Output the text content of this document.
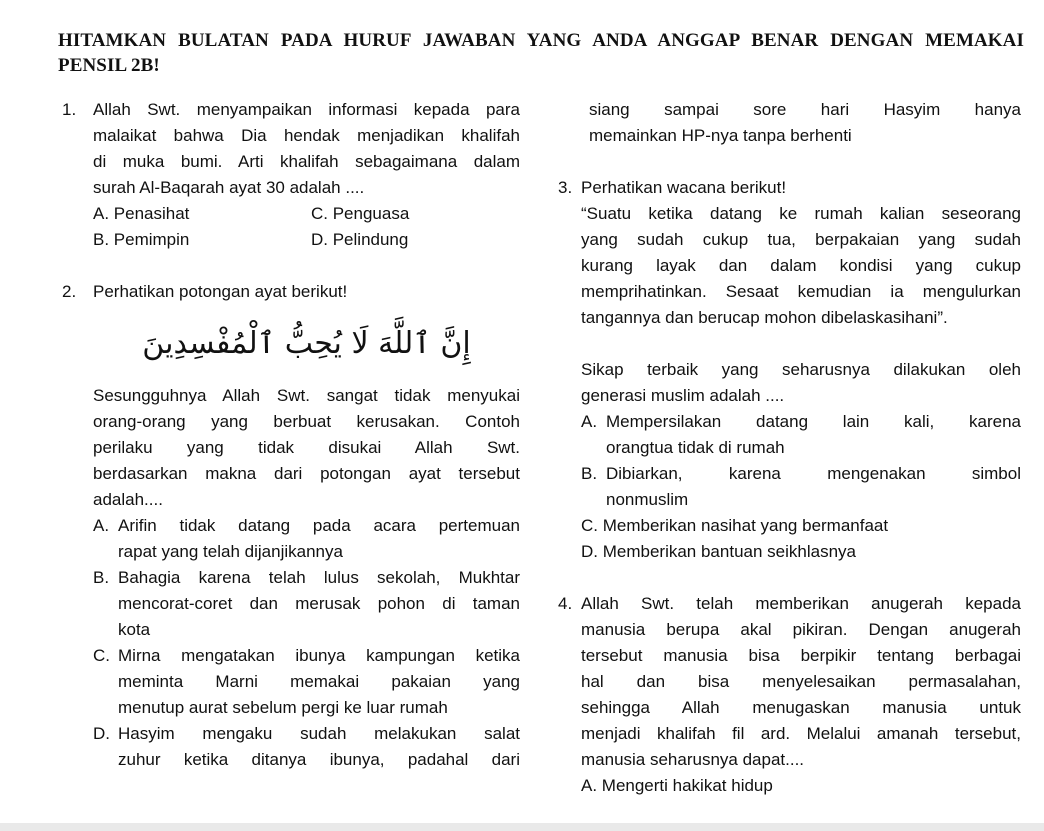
HITAMKAN BULATAN PADA HURUF JAWABAN YANG ANDA ANGGAP BENAR DENGAN MEMAKAI PENSIL 2B!
1. Allah Swt. menyampaikan informasi kepada para
malaikat bahwa Dia hendak menjadikan khalifah
di muka bumi. Arti khalifah sebagaimana dalam
surah Al-Baqarah ayat 30 adalah ....
A. Penasihat	C. Penguasa
B. Pemimpin	D. Pelindung
2. Perhatikan potongan ayat berikut!
إِنَّ ٱللَّهَ لَا يُحِبُّ ٱلْمُفْسِدِينَ
Sesungguhnya Allah Swt. sangat tidak menyukai
orang-orang yang berbuat kerusakan. Contoh
perilaku yang tidak disukai Allah Swt.
berdasarkan makna dari potongan ayat tersebut
adalah....
A. Arifin tidak datang pada acara pertemuan
rapat yang telah dijanjikannya
B. Bahagia karena telah lulus sekolah, Mukhtar
mencorat-coret dan merusak pohon di taman
kota
C. Mirna mengatakan ibunya kampungan ketika
meminta Marni memakai pakaian yang
menutup aurat sebelum pergi ke luar rumah
D. Hasyim mengaku sudah melakukan salat
zuhur ketika ditanya ibunya, padahal dari
siang sampai sore hari Hasyim hanya
memainkan HP-nya tanpa berhenti
3. Perhatikan wacana berikut!
“Suatu ketika datang ke rumah kalian seseorang
yang sudah cukup tua, berpakaian yang sudah
kurang layak dan dalam kondisi yang cukup
memprihatinkan. Sesaat kemudian ia mengulurkan
tangannya dan berucap mohon dibelaskasihani”.
Sikap terbaik yang seharusnya dilakukan oleh
generasi muslim adalah ....
A. Mempersilakan datang lain kali, karena
orangtua tidak di rumah
B. Dibiarkan, karena mengenakan simbol
nonmuslim
C. Memberikan nasihat yang bermanfaat
D. Memberikan bantuan seikhlasnya
4. Allah Swt. telah memberikan anugerah kepada
manusia berupa akal pikiran. Dengan anugerah
tersebut manusia bisa berpikir tentang berbagai
hal dan bisa menyelesaikan permasalahan,
sehingga Allah menugaskan manusia untuk
menjadi khalifah fil ard. Melalui amanah tersebut,
manusia seharusnya dapat....
A. Mengerti hakikat hidup
